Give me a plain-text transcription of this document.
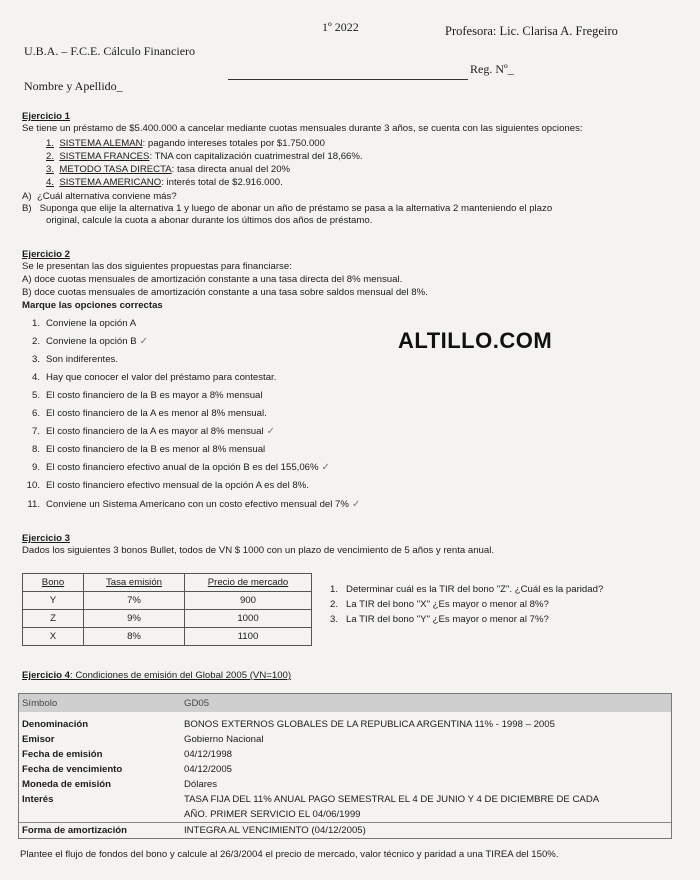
1º 2022	Profesora: Lic. Clarisa A. Fregeiro
U.B.A. – F.C.E. Cálculo Financiero
Nombre y Apellido_
Reg. Nº_
ALTILLO.COM
Ejercicio 1
Se tiene un préstamo de $5.400.000 a cancelar mediante cuotas mensuales durante 3 años, se cuenta con las siguientes opciones:
1. SISTEMA ALEMAN: pagando intereses totales por $1.750.000
2. SISTEMA FRANCES: TNA con capitalización cuatrimestral del 18,66%.
3. METODO TASA DIRECTA: tasa directa anual del 20%
4. SISTEMA AMERICANO: interés total de $2.916.000.
A) ¿Cuál alternativa conviene más?
B) Suponga que elije la alternativa 1 y luego de abonar un año de préstamo se pasa a la alternativa 2 manteniendo el plazo
original, calcule la cuota a abonar durante los últimos dos años de préstamo.
Ejercicio 2
Se le presentan las dos siguientes propuestas para financiarse:
A) doce cuotas mensuales de amortización constante a una tasa directa del 8% mensual.
B) doce cuotas mensuales de amortización constante a una tasa sobre saldos mensual del 8%.
Marque las opciones correctas
1. Conviene la opción A
2. Conviene la opción B ✓
3. Son indiferentes.
4. Hay que conocer el valor del préstamo para contestar.
5. El costo financiero de la B es mayor a 8% mensual
6. El costo financiero de la A es menor al 8% mensual.
7. El costo financiero de la A es mayor al 8% mensual ✓
8. El costo financiero de la B es menor al 8% mensual
9. El costo financiero efectivo anual de la opción B es del 155,06% ✓
10. El costo financiero efectivo mensual de la opción A es del 8%.
11. Conviene un Sistema Americano con un costo efectivo mensual del 7% ✓
Ejercicio 3
Dados los siguientes 3 bonos Bullet, todos de VN $ 1000 con un plazo de vencimiento de 5 años y renta anual.
Bono	Tasa emisión	Precio de mercado
Y	7%	900
Z	9%	1000
X	8%	1100
1. Determinar cuál es la TIR del bono "Z". ¿Cuál es la paridad?
2. La TIR del bono "X" ¿Es mayor o menor al 8%?
3. La TIR del bono "Y" ¿Es mayor o menor al 7%?
Ejercicio 4: Condiciones de emisión del Global 2005 (VN=100)
Símbolo	GD05
Denominación	BONOS EXTERNOS GLOBALES DE LA REPUBLICA ARGENTINA 11% - 1998 – 2005
Emisor	Gobierno Nacional
Fecha de emisión	04/12/1998
Fecha de vencimiento	04/12/2005
Moneda de emisión	Dólares
Interés	TASA FIJA DEL 11% ANUAL PAGO SEMESTRAL EL 4 DE JUNIO Y 4 DE DICIEMBRE DE CADA
AÑO. PRIMER SERVICIO EL 04/06/1999
Forma de amortización	INTEGRA AL VENCIMIENTO (04/12/2005)
Plantee el flujo de fondos del bono y calcule al 26/3/2004 el precio de mercado, valor técnico y paridad a una TIREA del 150%.
